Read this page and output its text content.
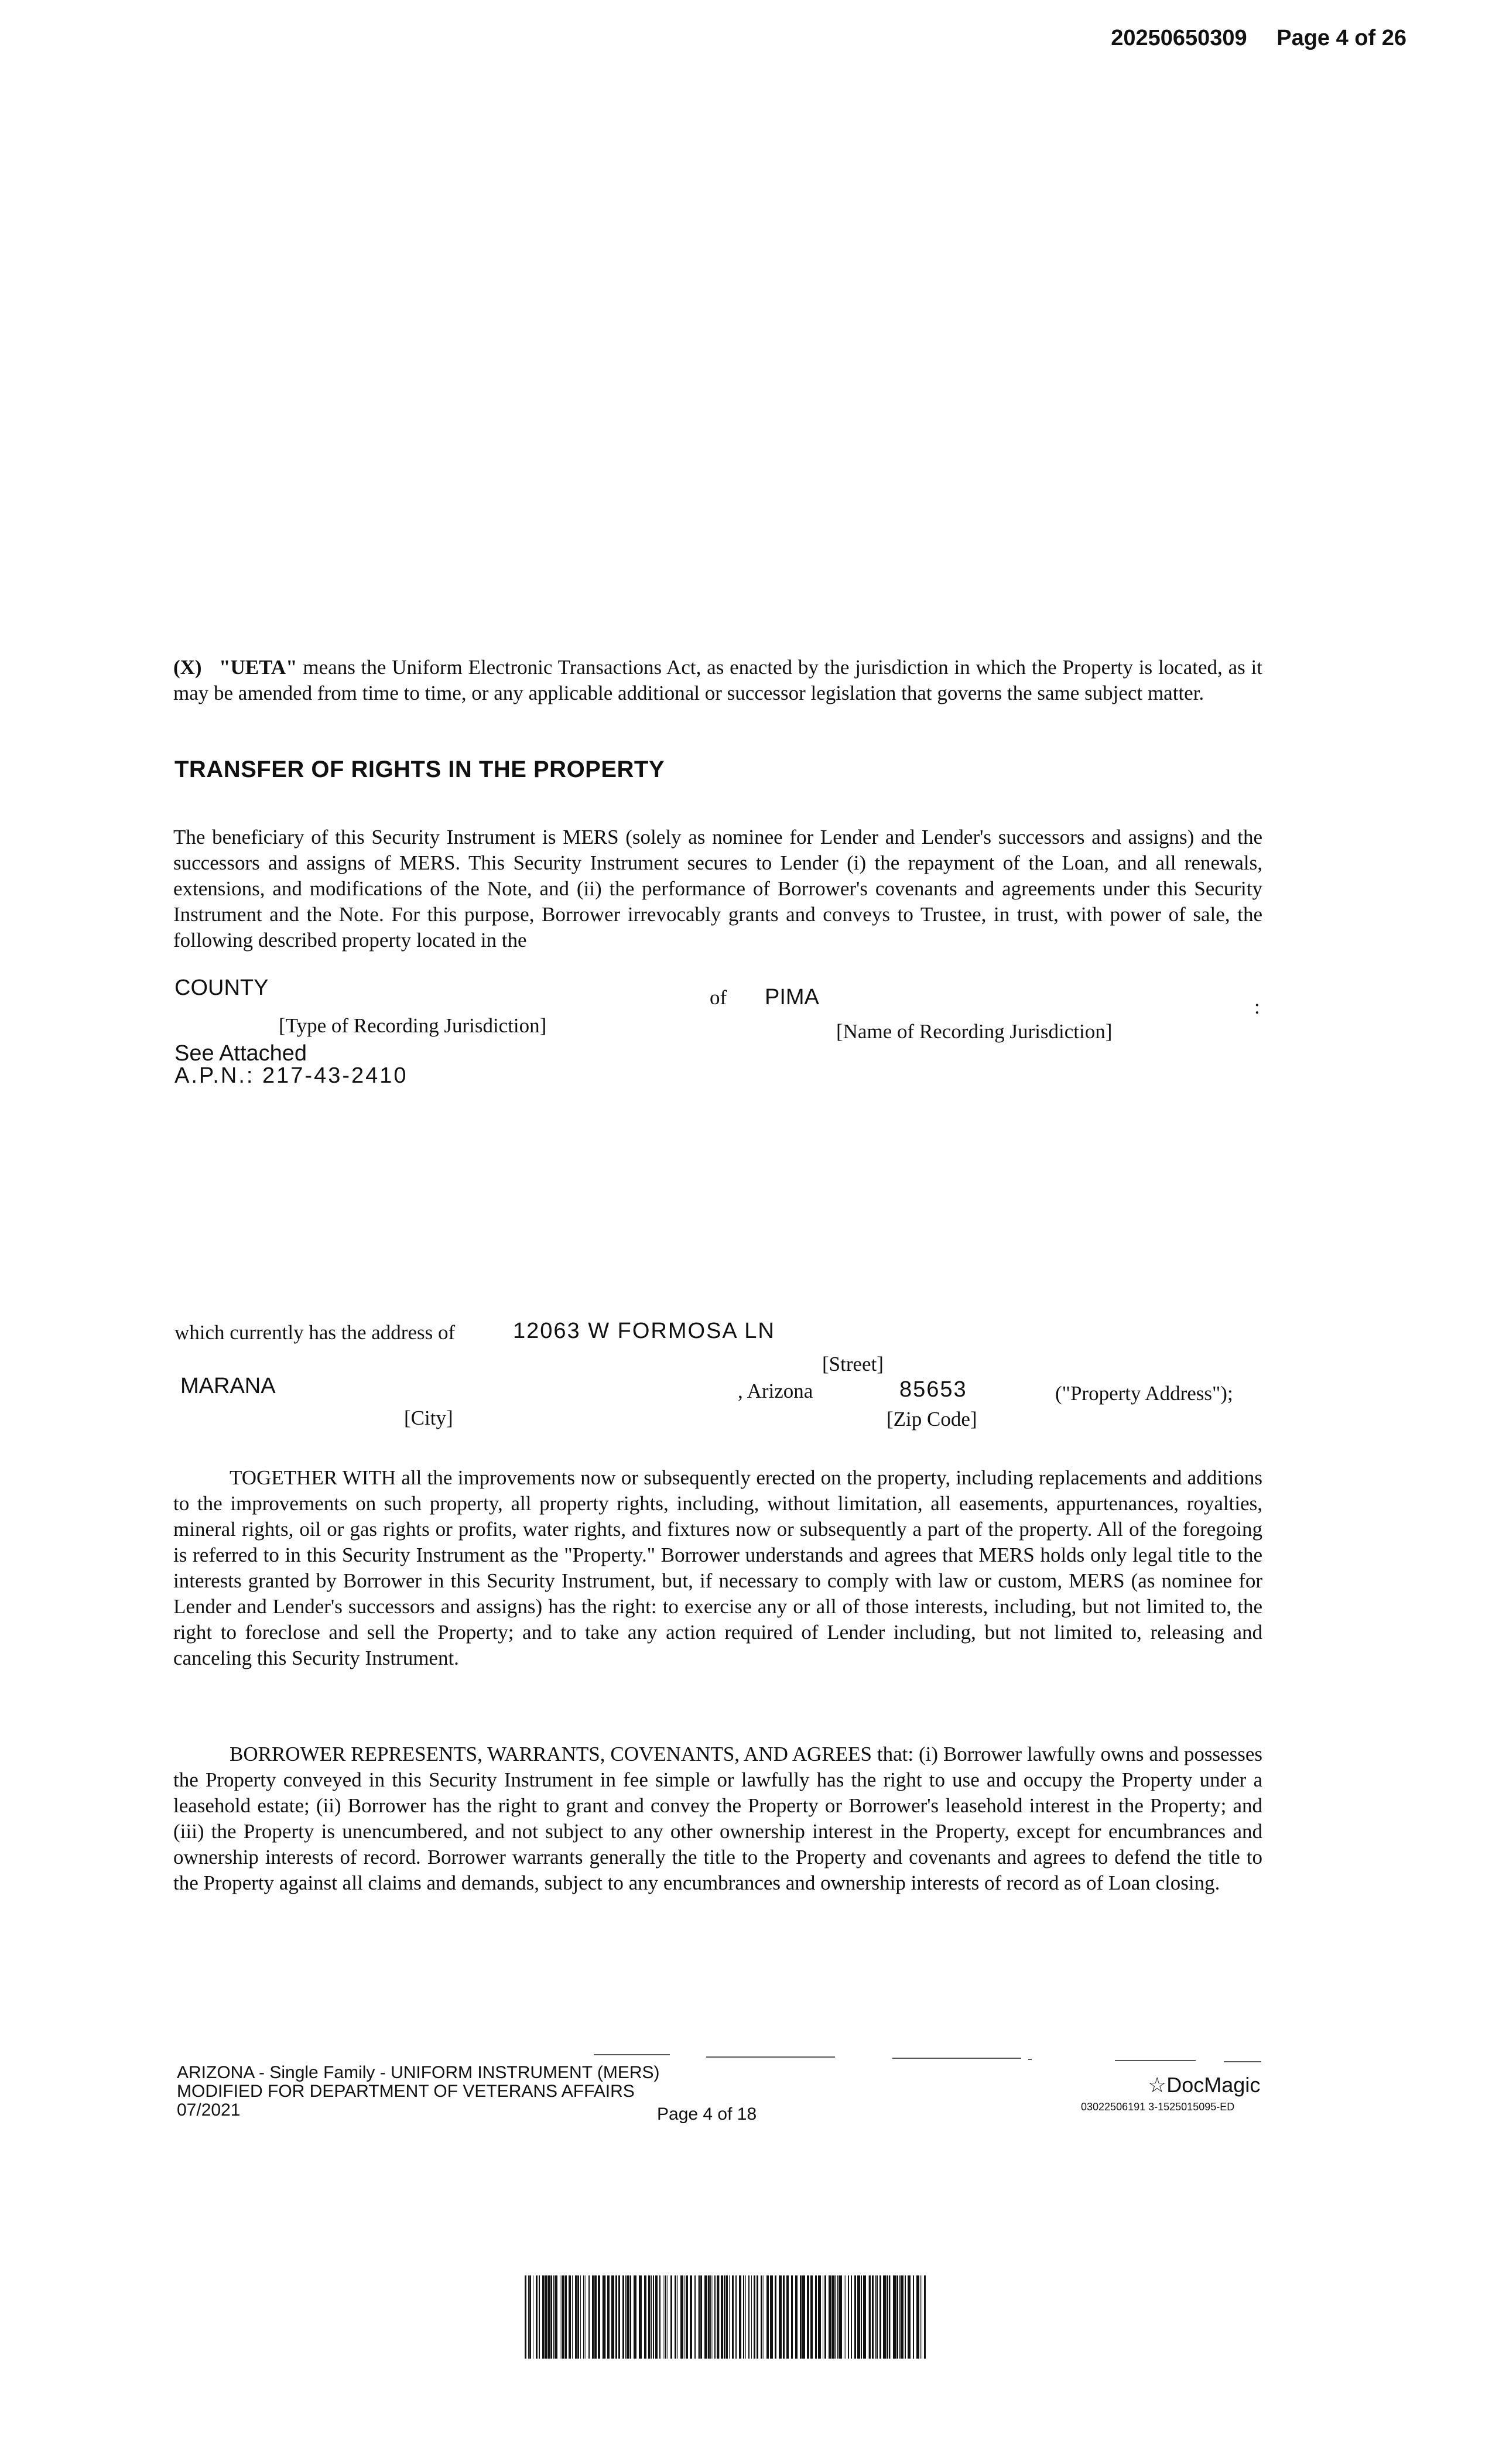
20250650309 Page 4 of 26

(X) "UETA" means the Uniform Electronic Transactions Act, as enacted by the jurisdiction in which the Property is located, as it may be amended from time to time, or any applicable additional or successor legislation that governs the same subject matter.

TRANSFER OF RIGHTS IN THE PROPERTY

The beneficiary of this Security Instrument is MERS (solely as nominee for Lender and Lender's successors and assigns) and the successors and assigns of MERS. This Security Instrument secures to Lender (i) the repayment of the Loan, and all renewals, extensions, and modifications of the Note, and (ii) the performance of Borrower's covenants and agreements under this Security Instrument and the Note. For this purpose, Borrower irrevocably grants and conveys to Trustee, in trust, with power of sale, the following described property located in the

COUNTY	of PIMA	:
[Type of Recording Jurisdiction]	[Name of Recording Jurisdiction]
See Attached
A.P.N.: 217-43-2410
which currently has the address of	12063 W FORMOSA LN
[Street]
MARANA	, Arizona	85653	("Property Address");
[City]	[Zip Code]

TOGETHER WITH all the improvements now or subsequently erected on the property, including replacements and additions to the improvements on such property, all property rights, including, without limitation, all easements, appurtenances, royalties, mineral rights, oil or gas rights or profits, water rights, and fixtures now or subsequently a part of the property. All of the foregoing is referred to in this Security Instrument as the "Property." Borrower understands and agrees that MERS holds only legal title to the interests granted by Borrower in this Security Instrument, but, if necessary to comply with law or custom, MERS (as nominee for Lender and Lender's successors and assigns) has the right: to exercise any or all of those interests, including, but not limited to, the right to foreclose and sell the Property; and to take any action required of Lender including, but not limited to, releasing and canceling this Security Instrument.

BORROWER REPRESENTS, WARRANTS, COVENANTS, AND AGREES that: (i) Borrower lawfully owns and possesses the Property conveyed in this Security Instrument in fee simple or lawfully has the right to use and occupy the Property under a leasehold estate; (ii) Borrower has the right to grant and convey the Property or Borrower's leasehold interest in the Property; and (iii) the Property is unencumbered, and not subject to any other ownership interest in the Property, except for encumbrances and ownership interests of record. Borrower warrants generally the title to the Property and covenants and agrees to defend the title to the Property against all claims and demands, subject to any encumbrances and ownership interests of record as of Loan closing.

ARIZONA - Single Family - UNIFORM INSTRUMENT (MERS)
MODIFIED FOR DEPARTMENT OF VETERANS AFFAIRS
07/2021	Page 4 of 18
☆DocMagic
03022506191 3-1525015095-ED
